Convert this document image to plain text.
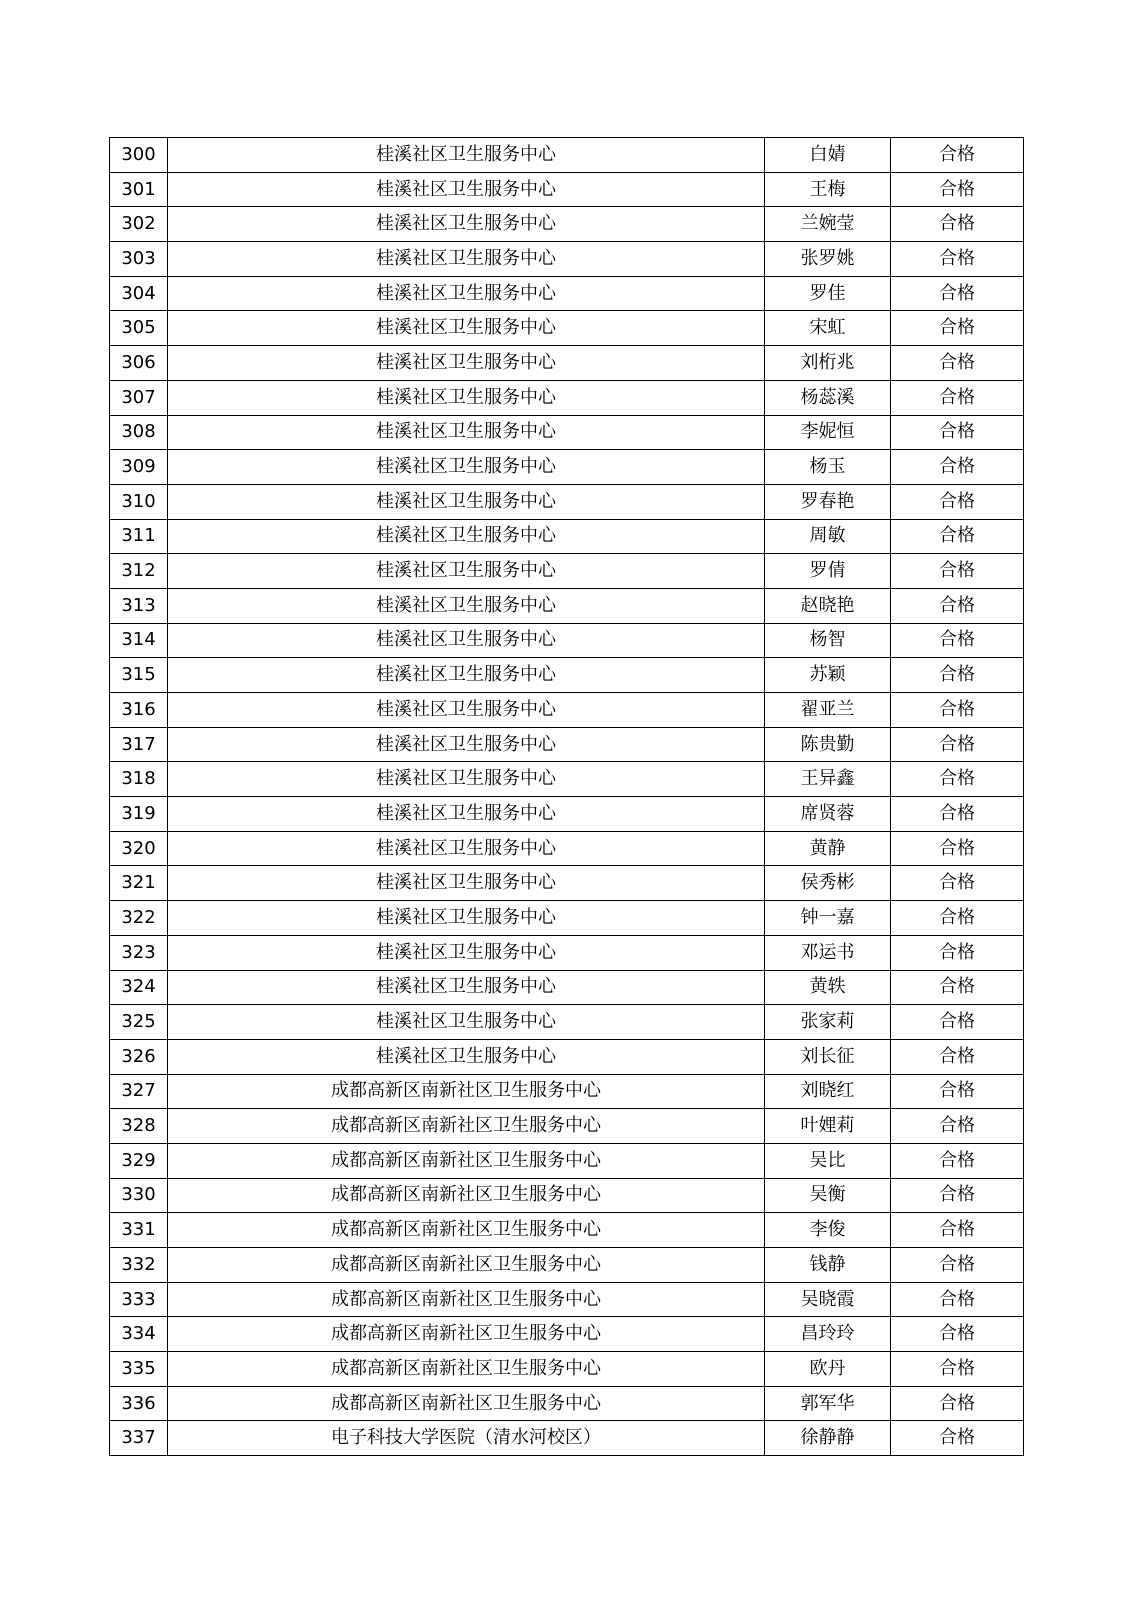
300	桂溪社区卫生服务中心	白婧	合格
301	桂溪社区卫生服务中心	王梅	合格
302	桂溪社区卫生服务中心	兰婉莹	合格
303	桂溪社区卫生服务中心	张罗姚	合格
304	桂溪社区卫生服务中心	罗佳	合格
305	桂溪社区卫生服务中心	宋虹	合格
306	桂溪社区卫生服务中心	刘桁兆	合格
307	桂溪社区卫生服务中心	杨蕊溪	合格
308	桂溪社区卫生服务中心	李妮恒	合格
309	桂溪社区卫生服务中心	杨玉	合格
310	桂溪社区卫生服务中心	罗春艳	合格
311	桂溪社区卫生服务中心	周敏	合格
312	桂溪社区卫生服务中心	罗倩	合格
313	桂溪社区卫生服务中心	赵晓艳	合格
314	桂溪社区卫生服务中心	杨智	合格
315	桂溪社区卫生服务中心	苏颖	合格
316	桂溪社区卫生服务中心	翟亚兰	合格
317	桂溪社区卫生服务中心	陈贵勤	合格
318	桂溪社区卫生服务中心	王异鑫	合格
319	桂溪社区卫生服务中心	席贤蓉	合格
320	桂溪社区卫生服务中心	黄静	合格
321	桂溪社区卫生服务中心	侯秀彬	合格
322	桂溪社区卫生服务中心	钟一嘉	合格
323	桂溪社区卫生服务中心	邓运书	合格
324	桂溪社区卫生服务中心	黄轶	合格
325	桂溪社区卫生服务中心	张家莉	合格
326	桂溪社区卫生服务中心	刘长征	合格
327	成都高新区南新社区卫生服务中心	刘晓红	合格
328	成都高新区南新社区卫生服务中心	叶娌莉	合格
329	成都高新区南新社区卫生服务中心	吴比	合格
330	成都高新区南新社区卫生服务中心	吴衡	合格
331	成都高新区南新社区卫生服务中心	李俊	合格
332	成都高新区南新社区卫生服务中心	钱静	合格
333	成都高新区南新社区卫生服务中心	吴晓霞	合格
334	成都高新区南新社区卫生服务中心	昌玲玲	合格
335	成都高新区南新社区卫生服务中心	欧丹	合格
336	成都高新区南新社区卫生服务中心	郭军华	合格
337	电子科技大学医院（清水河校区）	徐静静	合格
